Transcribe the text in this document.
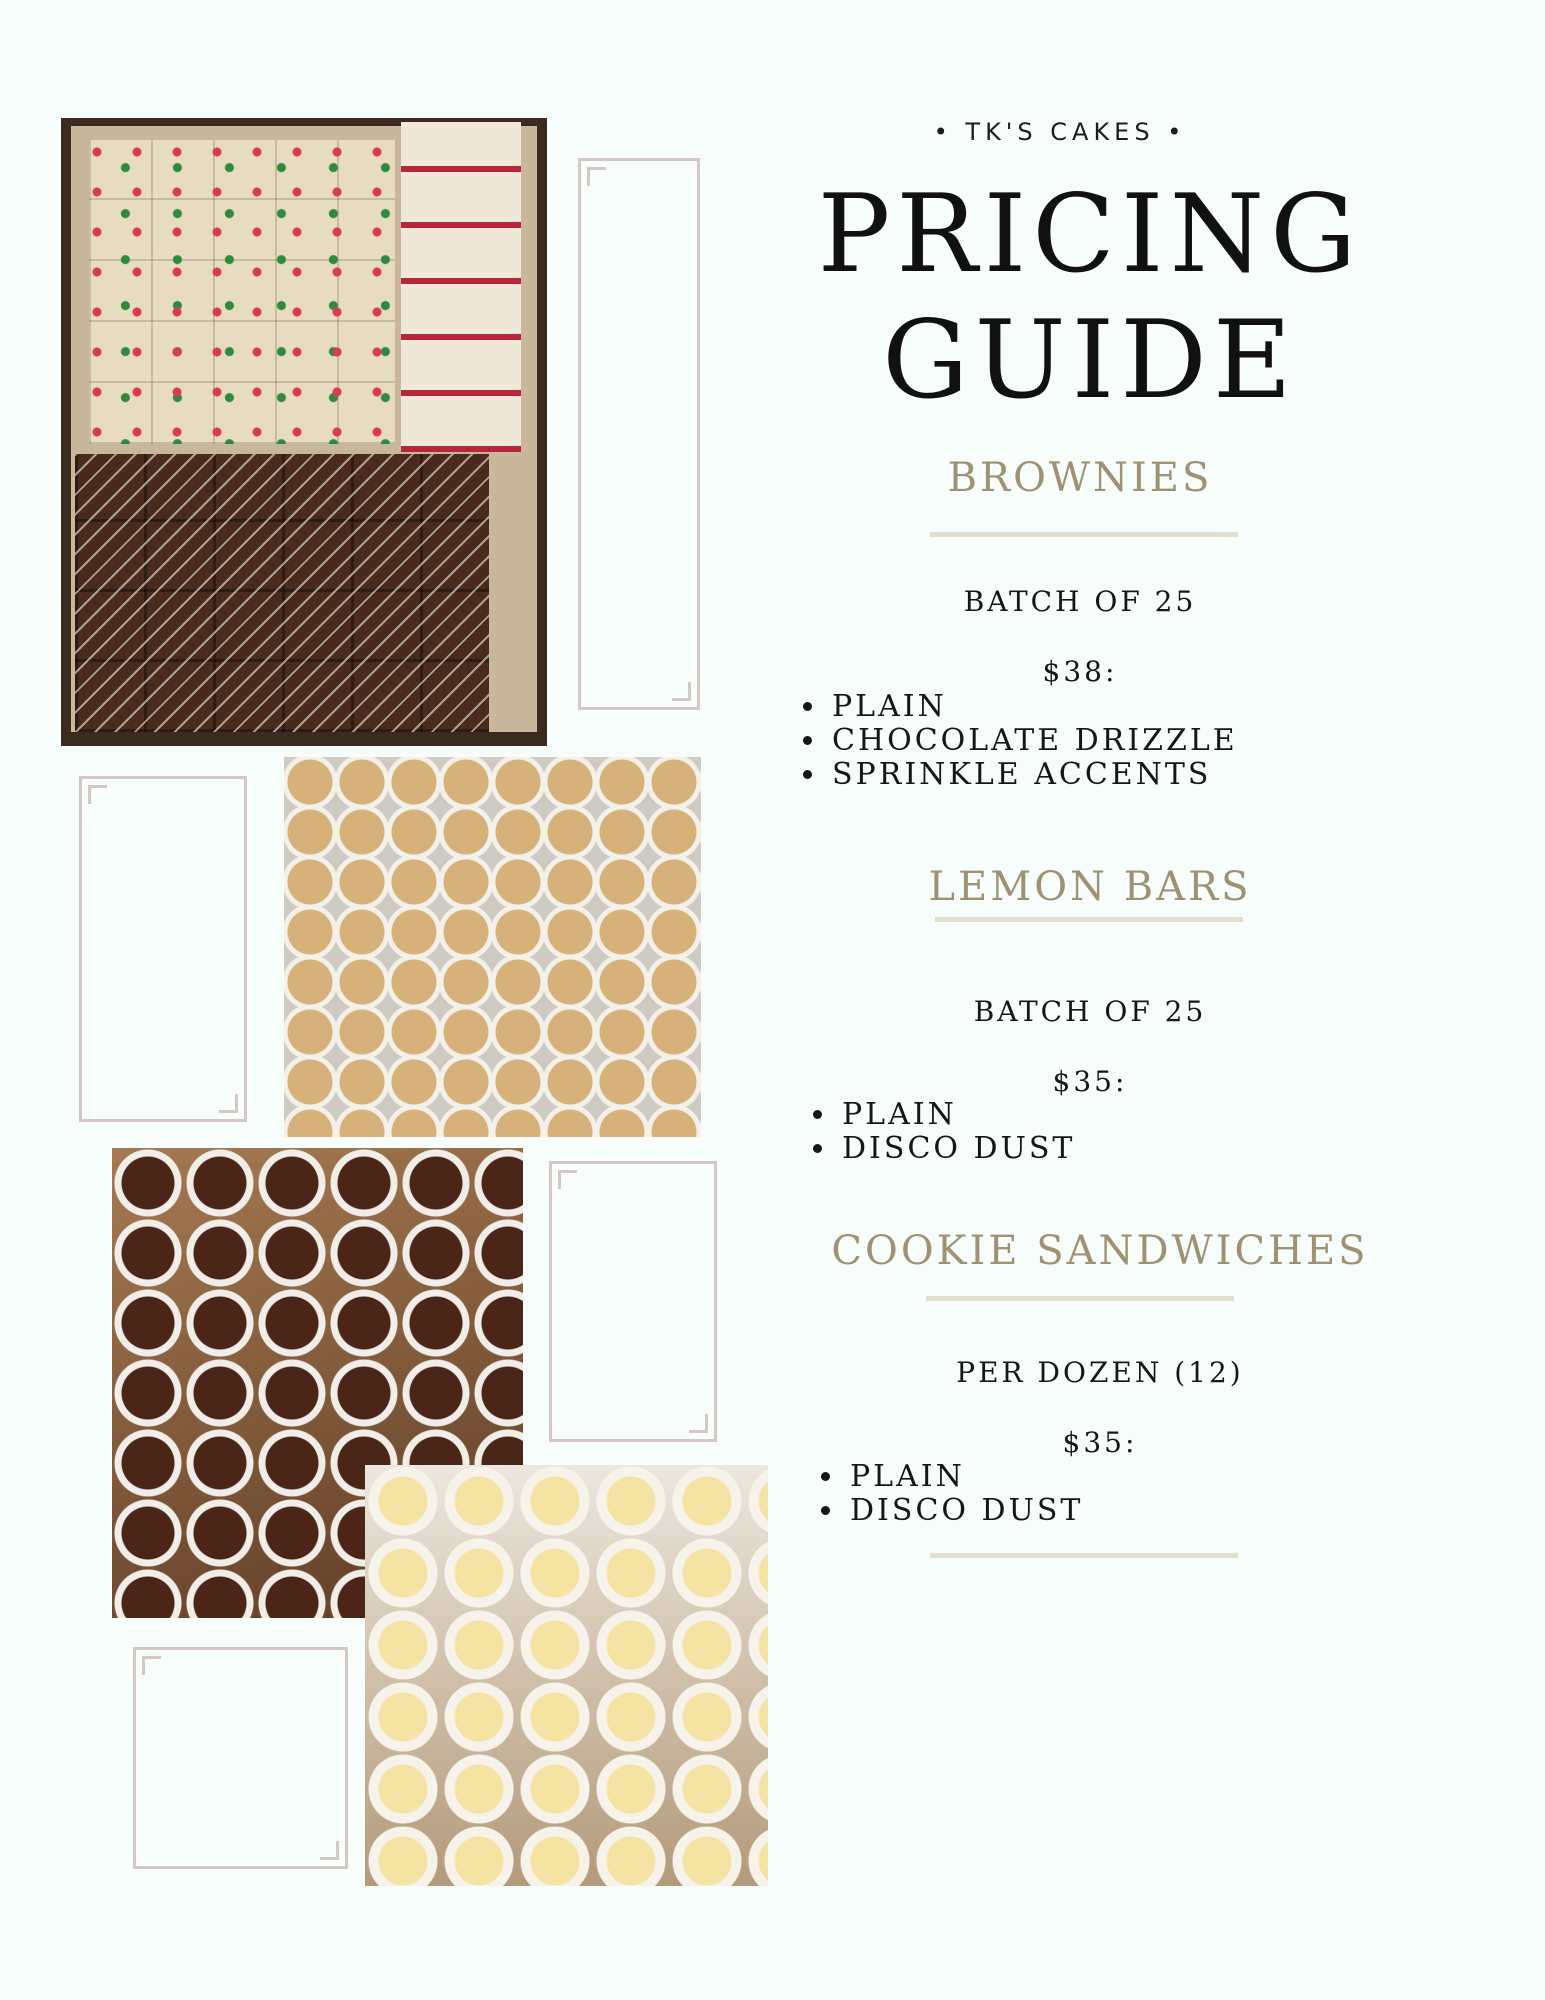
• TK'S CAKES •
PRICING
GUIDE
BROWNIES
BATCH OF 25
$38:
• PLAIN
• CHOCOLATE DRIZZLE
• SPRINKLE ACCENTS
LEMON BARS
BATCH OF 25
$35:
• PLAIN
• DISCO DUST
COOKIE SANDWICHES
PER DOZEN (12)
$35:
• PLAIN
• DISCO DUST
